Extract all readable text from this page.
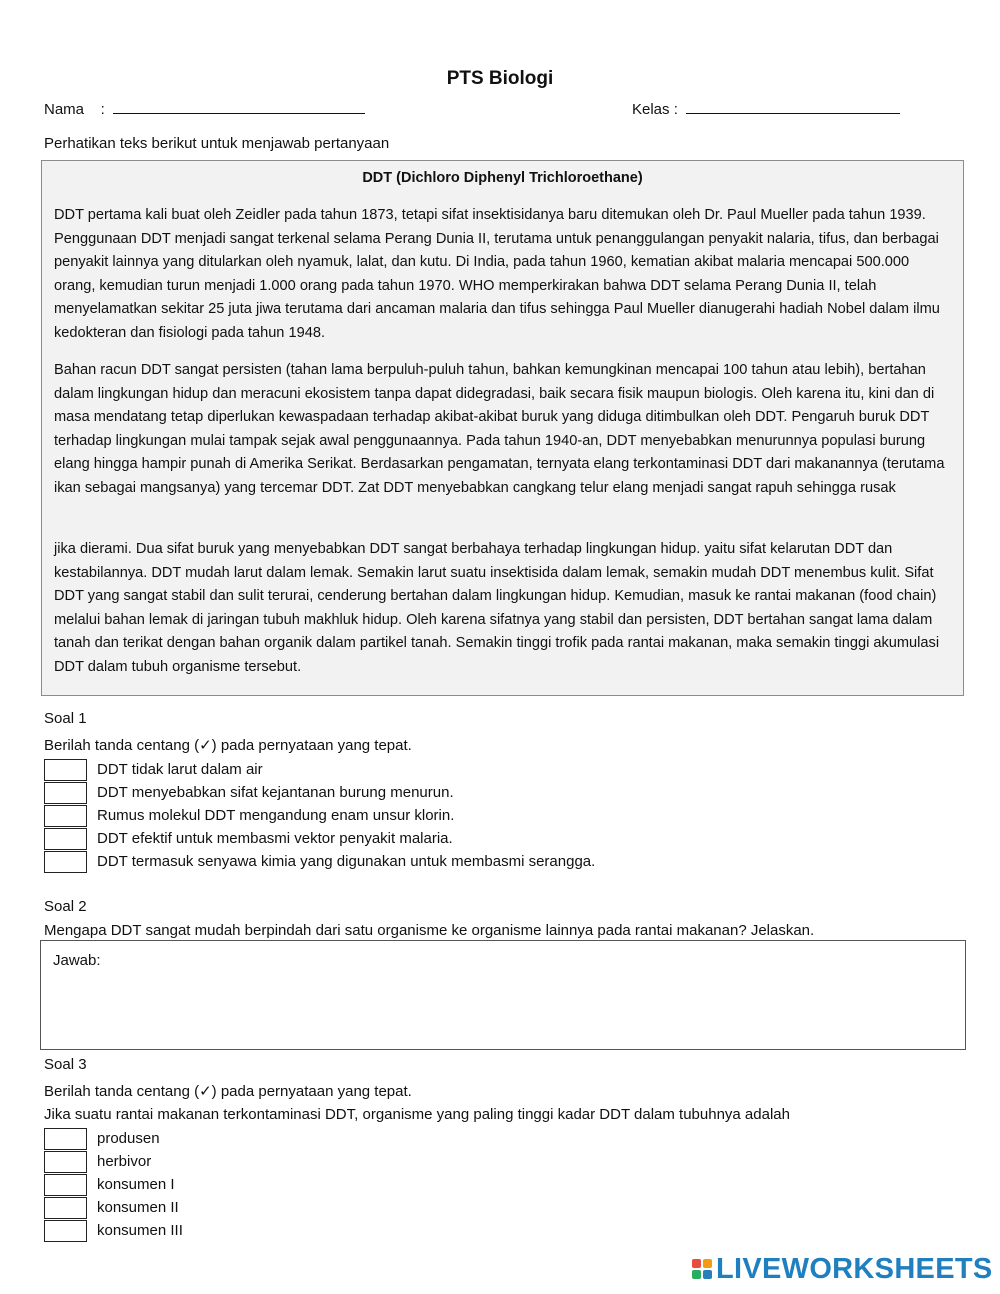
PTS Biologi
Nama    :	Kelas :
Perhatikan teks berikut untuk menjawab pertanyaan
DDT (Dichloro Diphenyl Trichloroethane)

DDT pertama kali buat oleh Zeidler pada tahun 1873, tetapi sifat insektisidanya baru ditemukan oleh Dr. Paul Mueller pada tahun 1939. Penggunaan DDT menjadi sangat terkenal selama Perang Dunia II, terutama untuk penanggulangan penyakit nalaria, tifus, dan berbagai penyakit lainnya yang ditularkan oleh nyamuk, lalat, dan kutu. Di India, pada tahun 1960, kematian akibat malaria mencapai 500.000 orang, kemudian turun menjadi 1.000 orang pada tahun 1970. WHO memperkirakan bahwa DDT selama Perang Dunia II, telah menyelamatkan sekitar 25 juta jiwa terutama dari ancaman malaria dan tifus sehingga Paul Mueller dianugerahi hadiah Nobel dalam ilmu kedokteran dan fisiologi pada tahun 1948.

Bahan racun DDT sangat persisten (tahan lama berpuluh-puluh tahun, bahkan kemungkinan mencapai 100 tahun atau lebih), bertahan dalam lingkungan hidup dan meracuni ekosistem tanpa dapat didegradasi, baik secara fisik maupun biologis. Oleh karena itu, kini dan di masa mendatang tetap diperlukan kewaspadaan terhadap akibat-akibat buruk yang diduga ditimbulkan oleh DDT. Pengaruh buruk DDT terhadap lingkungan mulai tampak sejak awal penggunaannya. Pada tahun 1940-an, DDT menyebabkan menurunnya populasi burung elang hingga hampir punah di Amerika Serikat. Berdasarkan pengamatan, ternyata elang terkontaminasi DDT dari makanannya (terutama ikan sebagai mangsanya) yang tercemar DDT. Zat DDT menyebabkan cangkang telur elang menjadi sangat rapuh sehingga rusak

jika dierami. Dua sifat buruk yang menyebabkan DDT sangat berbahaya terhadap lingkungan hidup. yaitu sifat kelarutan DDT dan kestabilannya. DDT mudah larut dalam lemak. Semakin larut suatu insektisida dalam lemak, semakin mudah DDT menembus kulit. Sifat DDT yang sangat stabil dan sulit terurai, cenderung bertahan dalam lingkungan hidup. Kemudian, masuk ke rantai makanan (food chain) melalui bahan lemak di jaringan tubuh makhluk hidup. Oleh karena sifatnya yang stabil dan persisten, DDT bertahan sangat lama dalam tanah dan terikat dengan bahan organik dalam partikel tanah. Semakin tinggi trofik pada rantai makanan, maka semakin tinggi akumulasi DDT dalam tubuh organisme tersebut.

Soal 1
Berilah tanda centang (✓) pada pernyataan yang tepat.
DDT tidak larut dalam air
DDT menyebabkan sifat kejantanan burung menurun.
Rumus molekul DDT mengandung enam unsur klorin.
DDT efektif untuk membasmi vektor penyakit malaria.
DDT termasuk senyawa kimia yang digunakan untuk membasmi serangga.
Soal 2
Mengapa DDT sangat mudah berpindah dari satu organisme ke organisme lainnya pada rantai makanan? Jelaskan.
Jawab:
Soal 3
Berilah tanda centang (✓) pada pernyataan yang tepat.
Jika suatu rantai makanan terkontaminasi DDT, organisme yang paling tinggi kadar DDT dalam tubuhnya adalah
produsen
herbivor
konsumen I
konsumen II
konsumen III
LIVEWORKSHEETS
